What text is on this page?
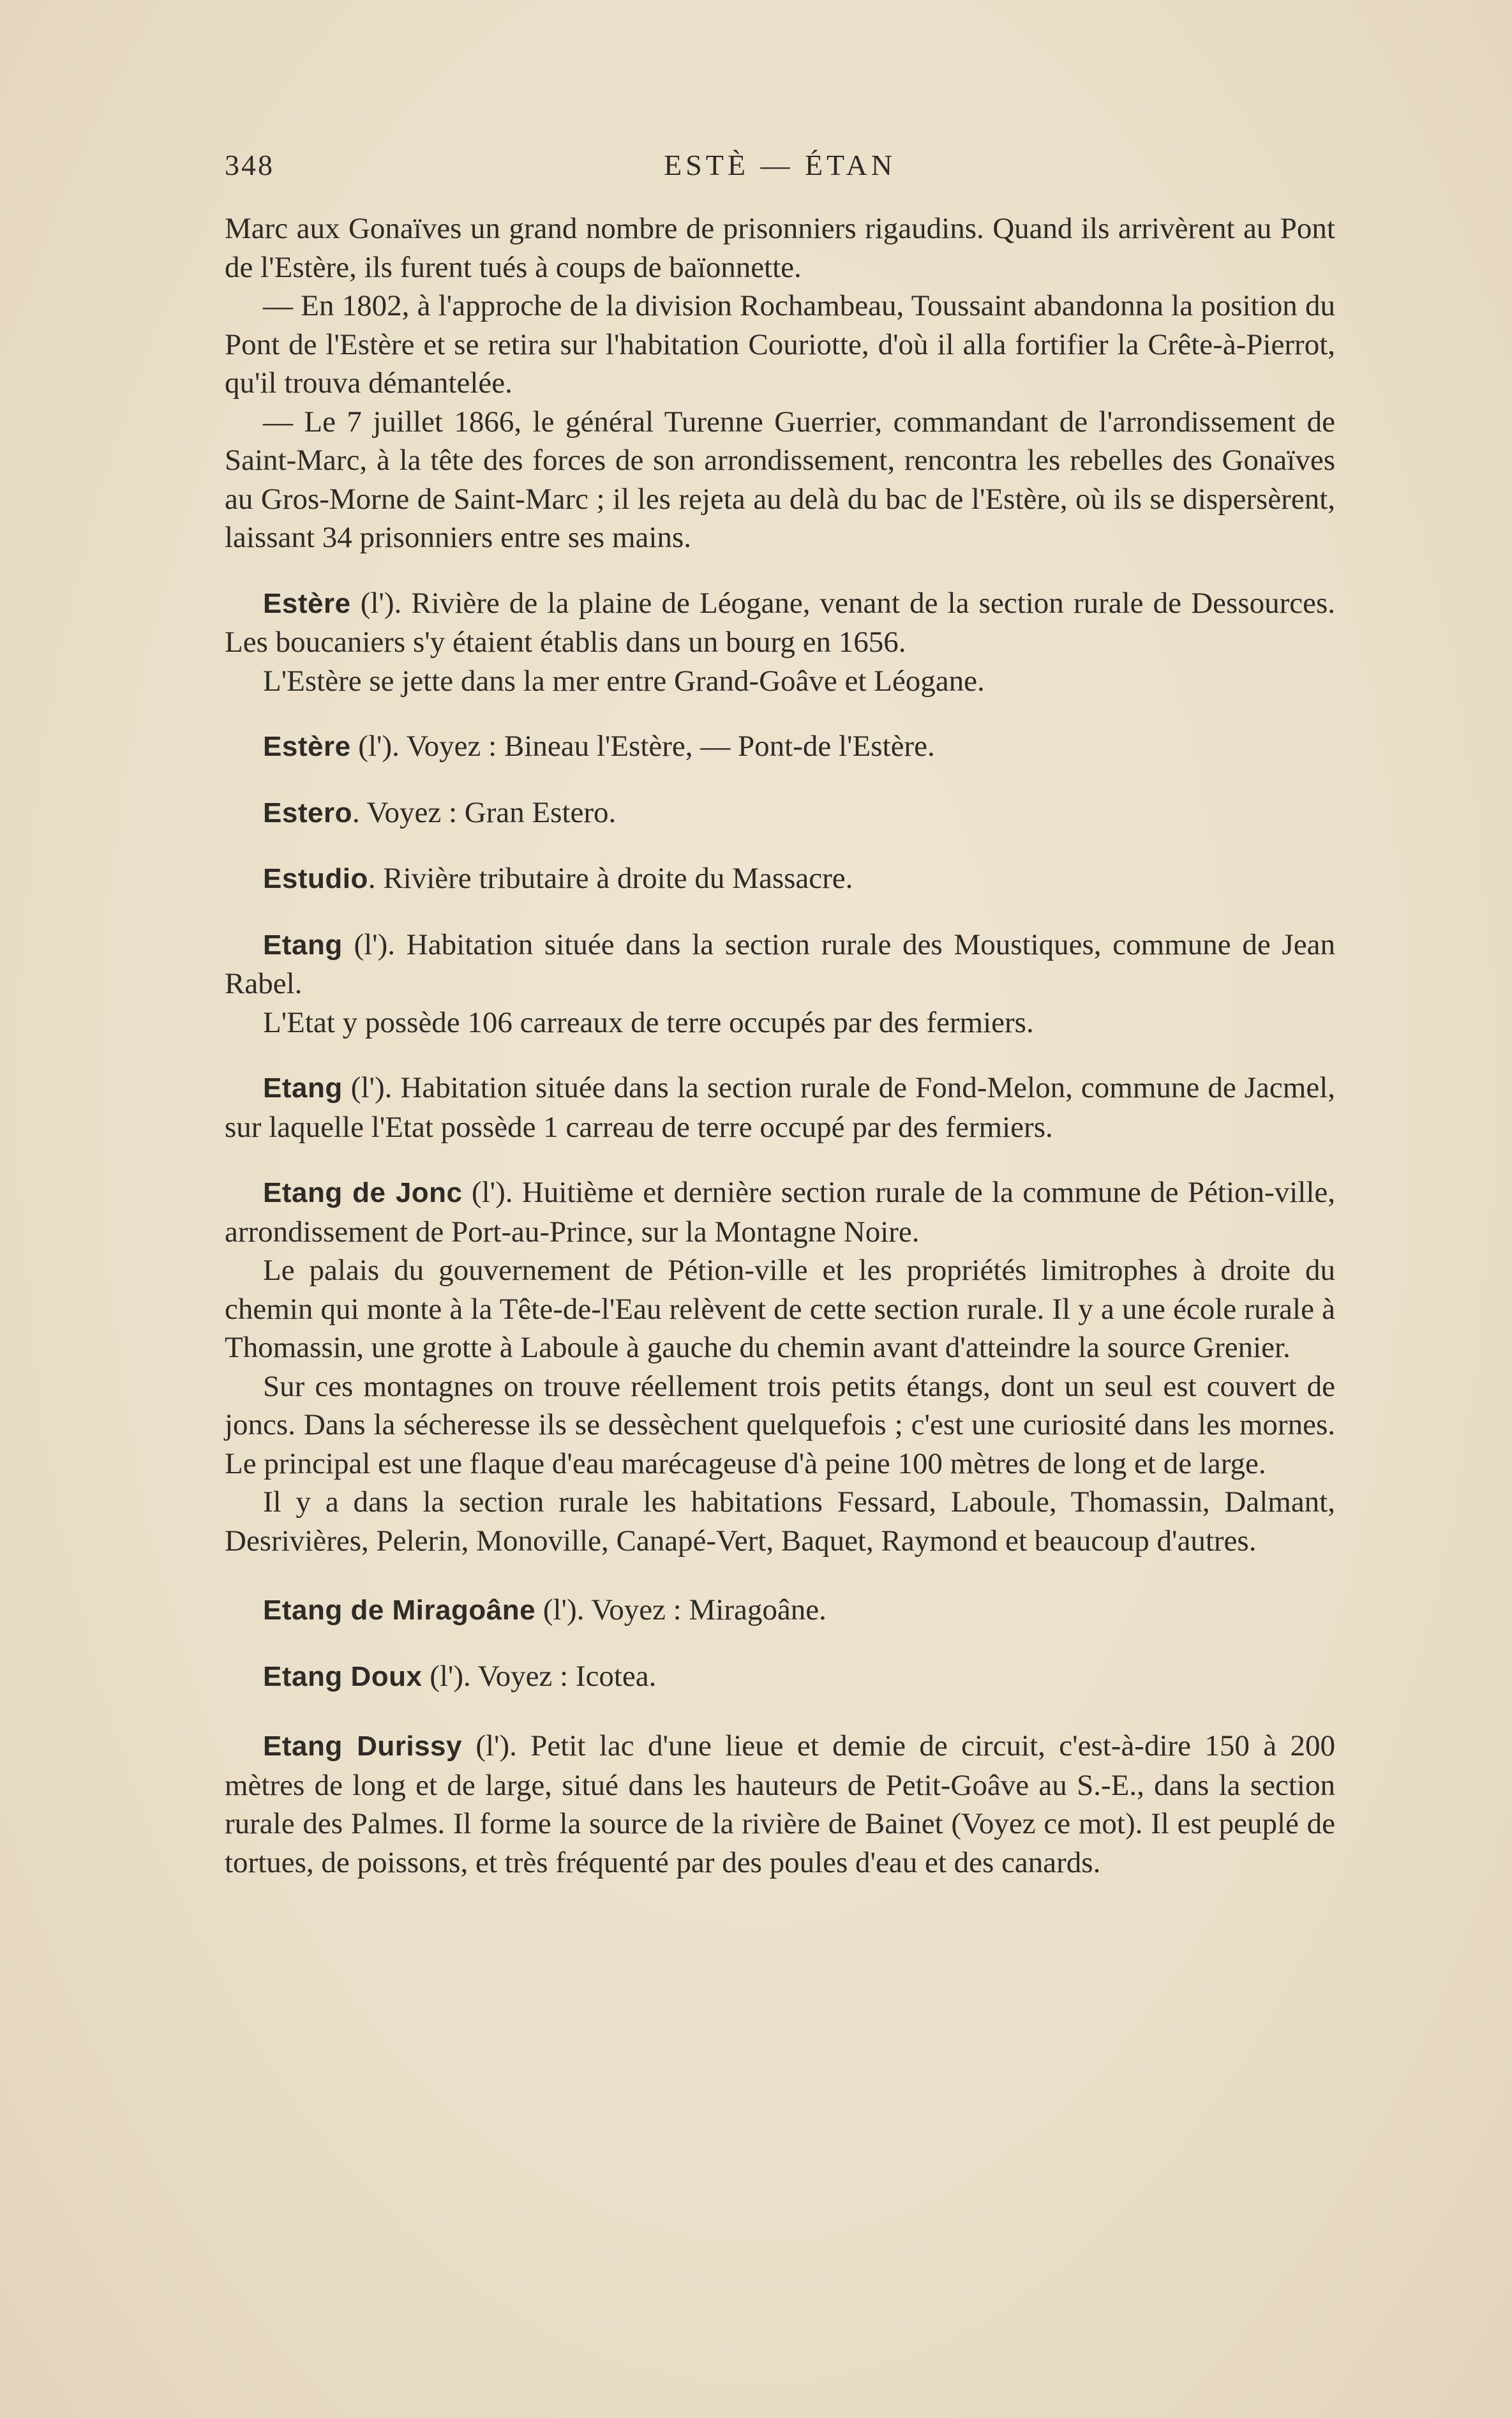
348	ESTÈ — ÉTAN

Marc aux Gonaïves un grand nombre de prisonniers rigaudins. Quand ils arrivèrent au Pont de l'Estère, ils furent tués à coups de baïonnette.

— En 1802, à l'approche de la division Rochambeau, Toussaint abandonna la position du Pont de l'Estère et se retira sur l'habitation Couriotte, d'où il alla fortifier la Crête-à-Pierrot, qu'il trouva démantelée.

— Le 7 juillet 1866, le général Turenne Guerrier, commandant de l'arrondissement de Saint-Marc, à la tête des forces de son arrondissement, rencontra les rebelles des Gonaïves au Gros-Morne de Saint-Marc ; il les rejeta au delà du bac de l'Estère, où ils se dispersèrent, laissant 34 prisonniers entre ses mains.

Estère (l'). Rivière de la plaine de Léogane, venant de la section rurale de Dessources. Les boucaniers s'y étaient établis dans un bourg en 1656.

L'Estère se jette dans la mer entre Grand-Goâve et Léogane.

Estère (l'). Voyez : Bineau l'Estère, — Pont-de l'Estère.

Estero. Voyez : Gran Estero.

Estudio. Rivière tributaire à droite du Massacre.

Etang (l'). Habitation située dans la section rurale des Moustiques, commune de Jean Rabel.

L'Etat y possède 106 carreaux de terre occupés par des fermiers.

Etang (l'). Habitation située dans la section rurale de Fond-Melon, commune de Jacmel, sur laquelle l'Etat possède 1 carreau de terre occupé par des fermiers.

Etang de Jonc (l'). Huitième et dernière section rurale de la commune de Pétion-ville, arrondissement de Port-au-Prince, sur la Montagne Noire.

Le palais du gouvernement de Pétion-ville et les propriétés limitrophes à droite du chemin qui monte à la Tête-de-l'Eau relèvent de cette section rurale. Il y a une école rurale à Thomassin, une grotte à Laboule à gauche du chemin avant d'atteindre la source Grenier.

Sur ces montagnes on trouve réellement trois petits étangs, dont un seul est couvert de joncs. Dans la sécheresse ils se dessèchent quelquefois ; c'est une curiosité dans les mornes. Le principal est une flaque d'eau marécageuse d'à peine 100 mètres de long et de large.

Il y a dans la section rurale les habitations Fessard, Laboule, Thomassin, Dalmant, Desrivières, Pelerin, Monoville, Canapé-Vert, Baquet, Raymond et beaucoup d'autres.

Etang de Miragoâne (l'). Voyez : Miragoâne.

Etang Doux (l'). Voyez : Icotea.

Etang Durissy (l'). Petit lac d'une lieue et demie de circuit, c'est-à-dire 150 à 200 mètres de long et de large, situé dans les hauteurs de Petit-Goâve au S.-E., dans la section rurale des Palmes. Il forme la source de la rivière de Bainet (Voyez ce mot). Il est peuplé de tortues, de poissons, et très fréquenté par des poules d'eau et des canards.
